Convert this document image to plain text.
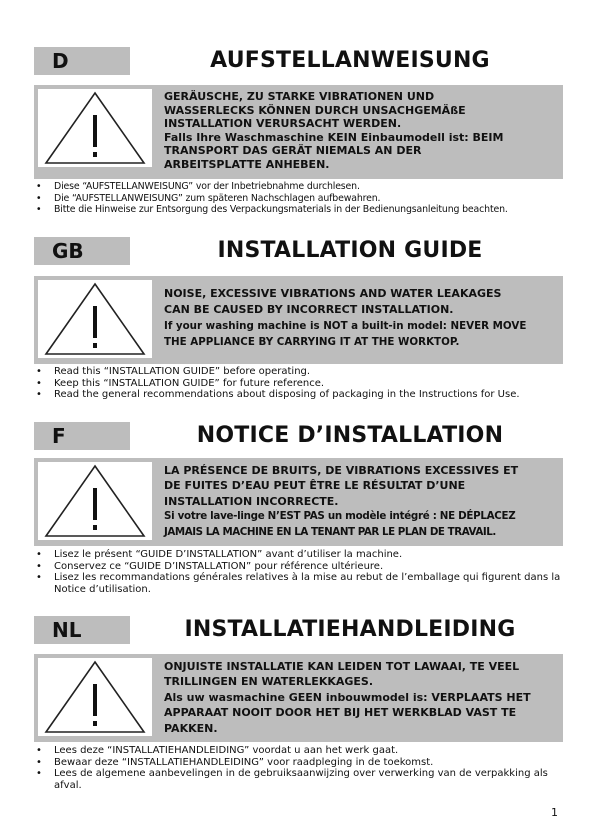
D	AUFSTELLANWEISUNG
GERÄUSCHE, ZU STARKE VIBRATIONEN UND
WASSERLECKS KÖNNEN DURCH UNSACHGEMÄßE
INSTALLATION VERURSACHT WERDEN.
Falls Ihre Waschmaschine KEIN Einbaumodell ist: BEIM
TRANSPORT DAS GERÄT NIEMALS AN DER
ARBEITSPLATTE ANHEBEN.
• Diese “AUFSTELLANWEISUNG” vor der Inbetriebnahme durchlesen.
• Die “AUFSTELLANWEISUNG” zum späteren Nachschlagen aufbewahren.
• Bitte die Hinweise zur Entsorgung des Verpackungsmaterials in der Bedienungsanleitung beachten.
GB	INSTALLATION GUIDE
NOISE, EXCESSIVE VIBRATIONS AND WATER LEAKAGES
CAN BE CAUSED BY INCORRECT INSTALLATION.
If your washing machine is NOT a built-in model: NEVER MOVE
THE APPLIANCE BY CARRYING IT AT THE WORKTOP.
• Read this “INSTALLATION GUIDE” before operating.
• Keep this “INSTALLATION GUIDE” for future reference.
• Read the general recommendations about disposing of packaging in the Instructions for Use.
F	NOTICE D’INSTALLATION
LA PRÉSENCE DE BRUITS, DE VIBRATIONS EXCESSIVES ET
DE FUITES D’EAU PEUT ÊTRE LE RÉSULTAT D’UNE
INSTALLATION INCORRECTE.
Si votre lave-linge N’EST PAS un modèle intégré : NE DÉPLACEZ
JAMAIS LA MACHINE EN LA TENANT PAR LE PLAN DE TRAVAIL.
• Lisez le présent “GUIDE D’INSTALLATION” avant d’utiliser la machine.
• Conservez ce “GUIDE D’INSTALLATION” pour référence ultérieure.
• Lisez les recommandations générales relatives à la mise au rebut de l’emballage qui figurent dans la Notice d’utilisation.
NL	INSTALLATIEHANDLEIDING
ONJUISTE INSTALLATIE KAN LEIDEN TOT LAWAAI, TE VEEL
TRILLINGEN EN WATERLEKKAGES.
Als uw wasmachine GEEN inbouwmodel is: VERPLAATS HET
APPARAAT NOOIT DOOR HET BIJ HET WERKBLAD VAST TE
PAKKEN.
• Lees deze “INSTALLATIEHANDLEIDING” voordat u aan het werk gaat.
• Bewaar deze “INSTALLATIEHANDLEIDING” voor raadpleging in de toekomst.
• Lees de algemene aanbevelingen in de gebruiksaanwijzing over verwerking van de verpakking als afval.
1
